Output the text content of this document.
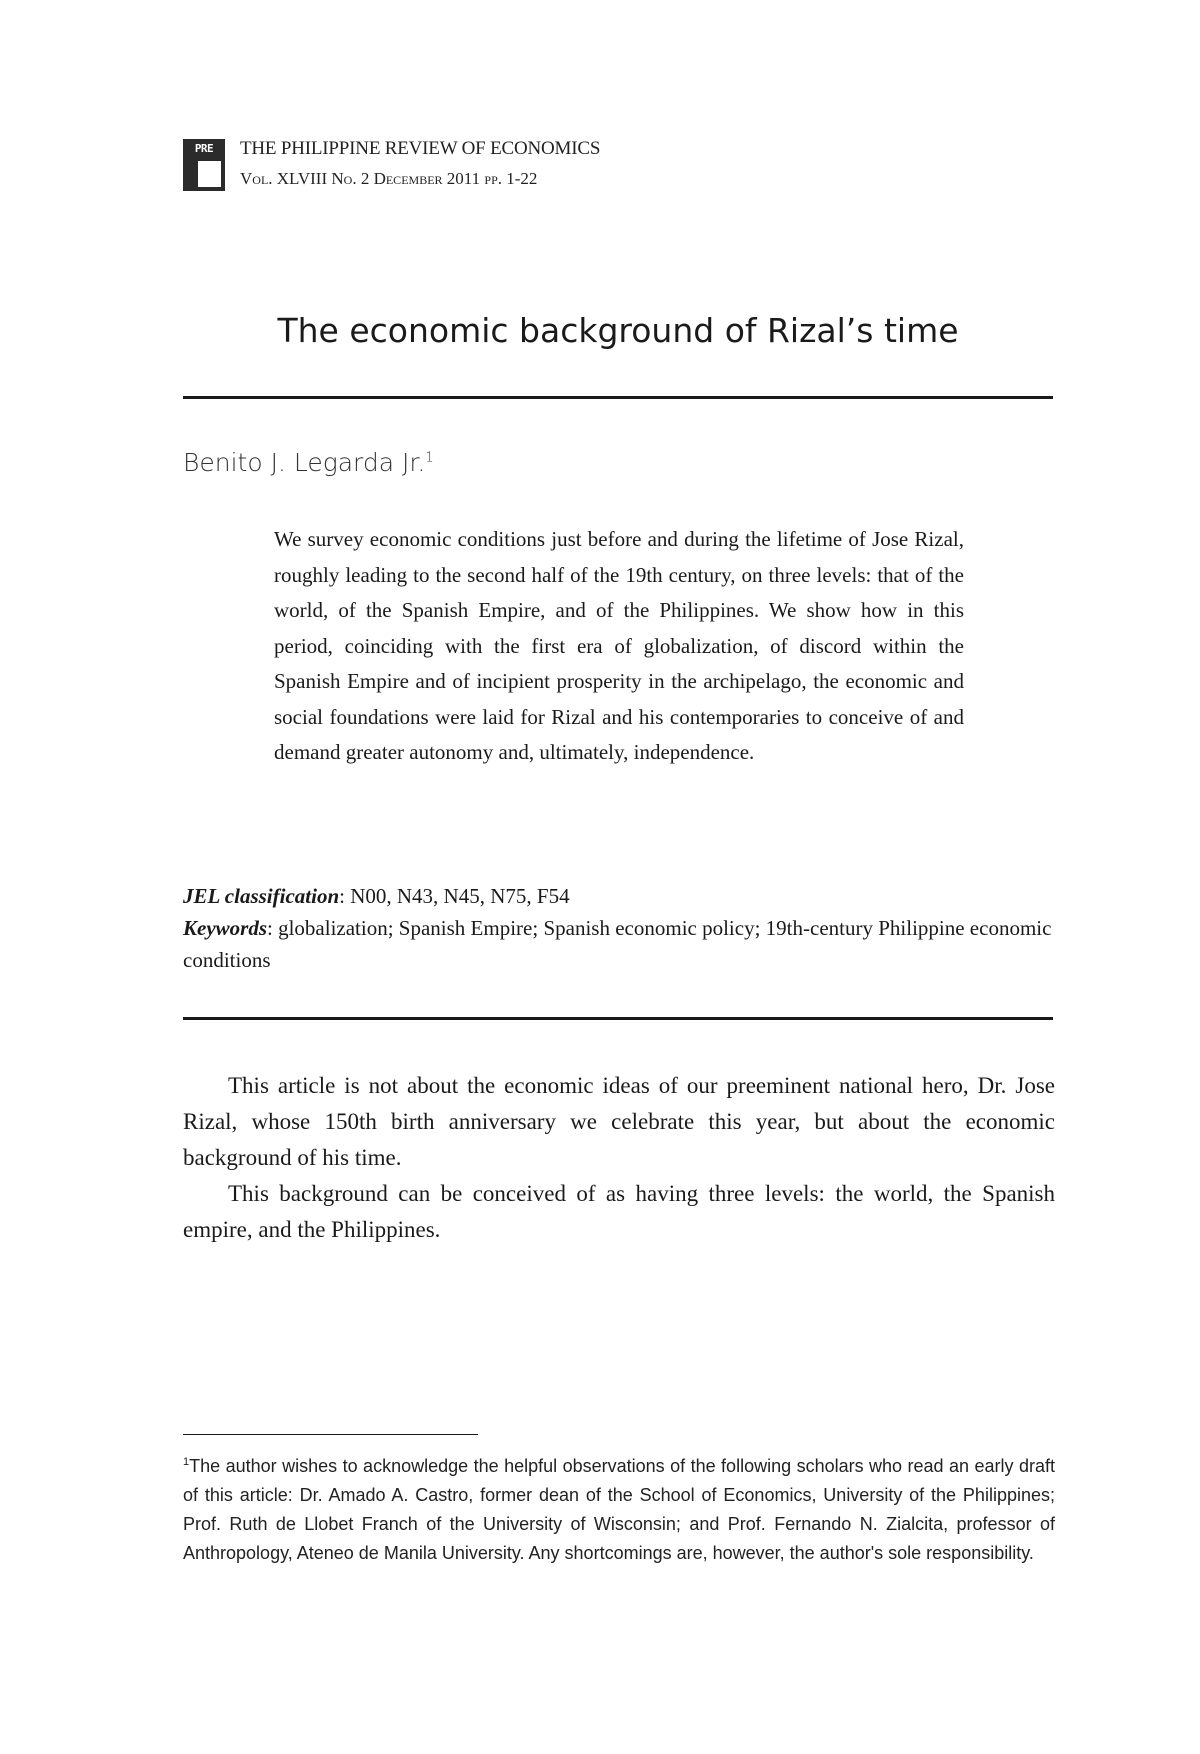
PRE	THE PHILIPPINE REVIEW OF ECONOMICS
Vol. XLVIII No. 2 December 2011 pp. 1-22
The economic background of Rizal’s time
Benito J. Legarda Jr.$^1$

We survey economic conditions just before and during the lifetime of Jose Rizal, roughly leading to the second half of the 19th century, on three levels: that of the world, of the Spanish Empire, and of the Philippines. We show how in this period, coinciding with the first era of globalization, of discord within the Spanish Empire and of incipient prosperity in the archipelago, the economic and social foundations were laid for Rizal and his contemporaries to conceive of and demand greater autonomy and, ultimately, independence.

JEL classification: N00, N43, N45, N75, F54
Keywords: globalization; Spanish Empire; Spanish economic policy; 19th-century Philippine economic conditions

This article is not about the economic ideas of our preeminent national hero, Dr. Jose Rizal, whose 150th birth anniversary we celebrate this year, but about the economic background of his time.

This background can be conceived of as having three levels: the world, the Spanish empire, and the Philippines.

$^1$The author wishes to acknowledge the helpful observations of the following scholars who read an early draft of this article: Dr. Amado A. Castro, former dean of the School of Economics, University of the Philippines; Prof. Ruth de Llobet Franch of the University of Wisconsin; and Prof. Fernando N. Zialcita, professor of Anthropology, Ateneo de Manila University. Any shortcomings are, however, the author's sole responsibility.
